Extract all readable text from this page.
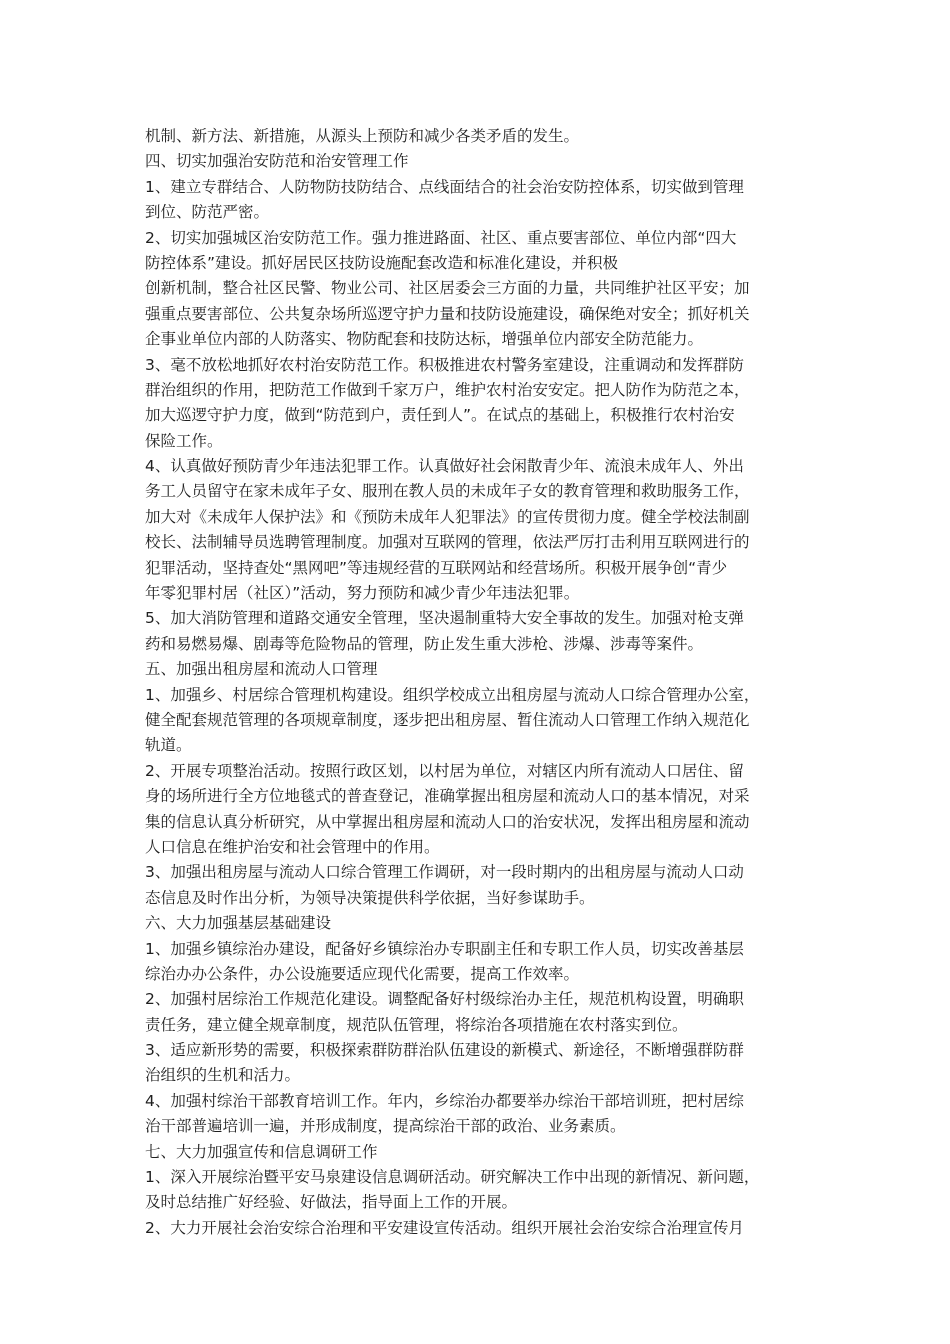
机制、新方法、新措施，从源头上预防和减少各类矛盾的发生。
四、切实加强治安防范和治安管理工作
1、建立专群结合、人防物防技防结合、点线面结合的社会治安防控体系，切实做到管理
到位、防范严密。
2、切实加强城区治安防范工作。强力推进路面、社区、重点要害部位、单位内部“四大
防控体系”建设。抓好居民区技防设施配套改造和标准化建设，并积极
创新机制，整合社区民警、物业公司、社区居委会三方面的力量，共同维护社区平安；加
强重点要害部位、公共复杂场所巡逻守护力量和技防设施建设，确保绝对安全；抓好机关
企事业单位内部的人防落实、物防配套和技防达标，增强单位内部安全防范能力。
3、毫不放松地抓好农村治安防范工作。积极推进农村警务室建设，注重调动和发挥群防
群治组织的作用，把防范工作做到千家万户，维护农村治安安定。把人防作为防范之本，
加大巡逻守护力度，做到“防范到户，责任到人”。在试点的基础上，积极推行农村治安
保险工作。
4、认真做好预防青少年违法犯罪工作。认真做好社会闲散青少年、流浪未成年人、外出
务工人员留守在家未成年子女、服刑在教人员的未成年子女的教育管理和救助服务工作，
加大对《未成年人保护法》和《预防未成年人犯罪法》的宣传贯彻力度。健全学校法制副
校长、法制辅导员选聘管理制度。加强对互联网的管理，依法严厉打击利用互联网进行的
犯罪活动，坚持查处“黑网吧”等违规经营的互联网站和经营场所。积极开展争创“青少
年零犯罪村居（社区）”活动，努力预防和减少青少年违法犯罪。
5、加大消防管理和道路交通安全管理，坚决遏制重特大安全事故的发生。加强对枪支弹
药和易燃易爆、剧毒等危险物品的管理，防止发生重大涉枪、涉爆、涉毒等案件。
五、加强出租房屋和流动人口管理
1、加强乡、村居综合管理机构建设。组织学校成立出租房屋与流动人口综合管理办公室，
健全配套规范管理的各项规章制度，逐步把出租房屋、暂住流动人口管理工作纳入规范化
轨道。
2、开展专项整治活动。按照行政区划，以村居为单位，对辖区内所有流动人口居住、留
身的场所进行全方位地毯式的普查登记，准确掌握出租房屋和流动人口的基本情况，对采
集的信息认真分析研究，从中掌握出租房屋和流动人口的治安状况，发挥出租房屋和流动
人口信息在维护治安和社会管理中的作用。
3、加强出租房屋与流动人口综合管理工作调研，对一段时期内的出租房屋与流动人口动
态信息及时作出分析，为领导决策提供科学依据，当好参谋助手。
六、大力加强基层基础建设
1、加强乡镇综治办建设，配备好乡镇综治办专职副主任和专职工作人员，切实改善基层
综治办办公条件，办公设施要适应现代化需要，提高工作效率。
2、加强村居综治工作规范化建设。调整配备好村级综治办主任，规范机构设置，明确职
责任务，建立健全规章制度，规范队伍管理，将综治各项措施在农村落实到位。
3、适应新形势的需要，积极探索群防群治队伍建设的新模式、新途径，不断增强群防群
治组织的生机和活力。
4、加强村综治干部教育培训工作。年内，乡综治办都要举办综治干部培训班，把村居综
治干部普遍培训一遍，并形成制度，提高综治干部的政治、业务素质。
七、大力加强宣传和信息调研工作
1、深入开展综治暨平安马泉建设信息调研活动。研究解决工作中出现的新情况、新问题，
及时总结推广好经验、好做法，指导面上工作的开展。
2、大力开展社会治安综合治理和平安建设宣传活动。组织开展社会治安综合治理宣传月
